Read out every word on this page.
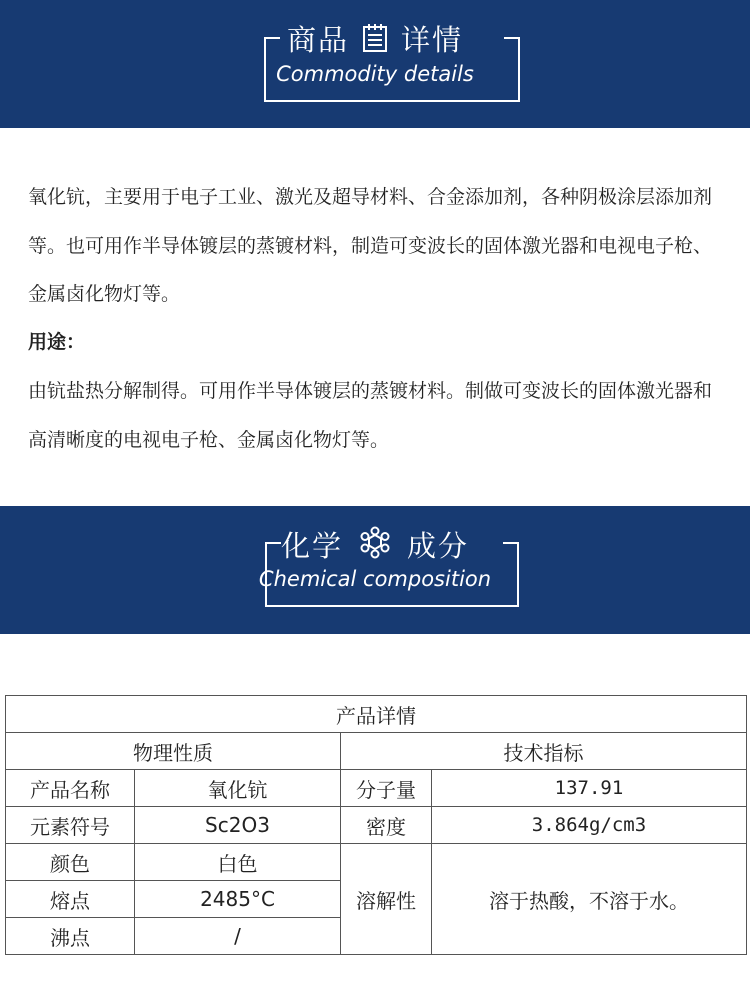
商品 详情
Commodity details
氧化钪，主要用于电子工业、激光及超导材料、合金添加剂，各种阴极涂层添加剂等。也可用作半导体镀层的蒸镀材料，制造可变波长的固体激光器和电视电子枪、金属卤化物灯等。
用途：
由钪盐热分解制得。可用作半导体镀层的蒸镀材料。制做可变波长的固体激光器和高清晰度的电视电子枪、金属卤化物灯等。
化学 成分
Chemical composition
产品详情			
物理性质		技术指标	
产品名称	氧化钪	分子量	137.91
元素符号	Sc2O3	密度	3.864g/cm3
颜色	白色	溶解性	溶于热酸，不溶于水。
熔点	2485°C		
沸点	/		
